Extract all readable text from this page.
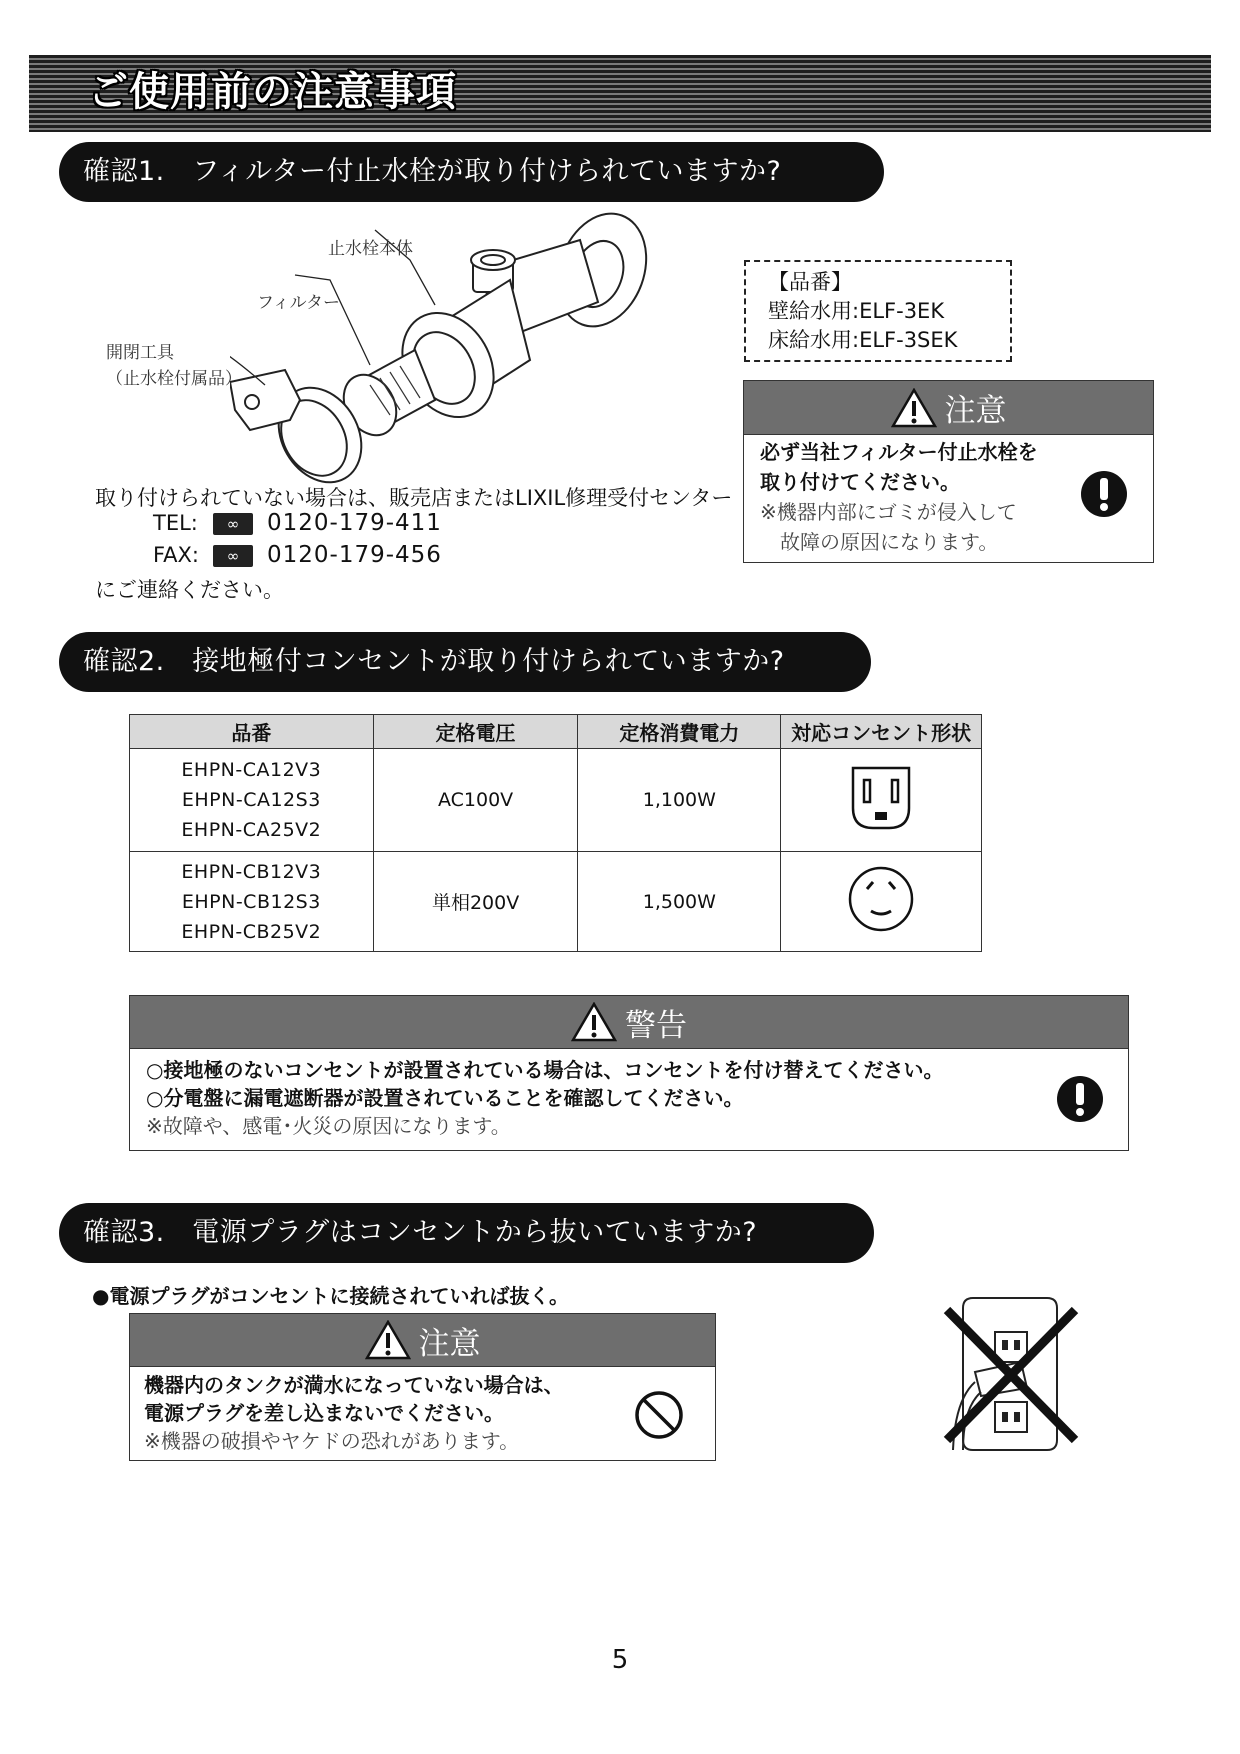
ご使用前の注意事項
確認1.　フィルター付止水栓が取り付けられていますか?
止水栓本体
フィルター
開閉工具
（止水栓付属品）
【品番】
壁給水用:ELF-3EK
床給水用:ELF-3SEK
注意
必ず当社フィルター付止水栓を
取り付けてください。
※機器内部にゴミが侵入して
　故障の原因になります。
取り付けられていない場合は、販売店またはLIXIL修理受付センター
TEL: ∞ 0120-179-411
FAX: ∞ 0120-179-456
にご連絡ください。
確認2.　接地極付コンセントが取り付けられていますか?
品番	定格電圧	定格消費電力	対応コンセント形状

EHPN-CA12V3
EHPN-CA12S3
EHPN-CA25V2	AC100V	1,100W	

EHPN-CB12V3
EHPN-CB12S3
EHPN-CB25V2	単相200V	1,500W	
警告
○接地極のないコンセントが設置されている場合は、コンセントを付け替えてください。
○分電盤に漏電遮断器が設置されていることを確認してください。
※故障や、感電･火災の原因になります。
確認3.　電源プラグはコンセントから抜いていますか?
●電源プラグがコンセントに接続されていれば抜く。
注意
機器内のタンクが満水になっていない場合は、
電源プラグを差し込まないでください。
※機器の破損やヤケドの恐れがあります。
5
